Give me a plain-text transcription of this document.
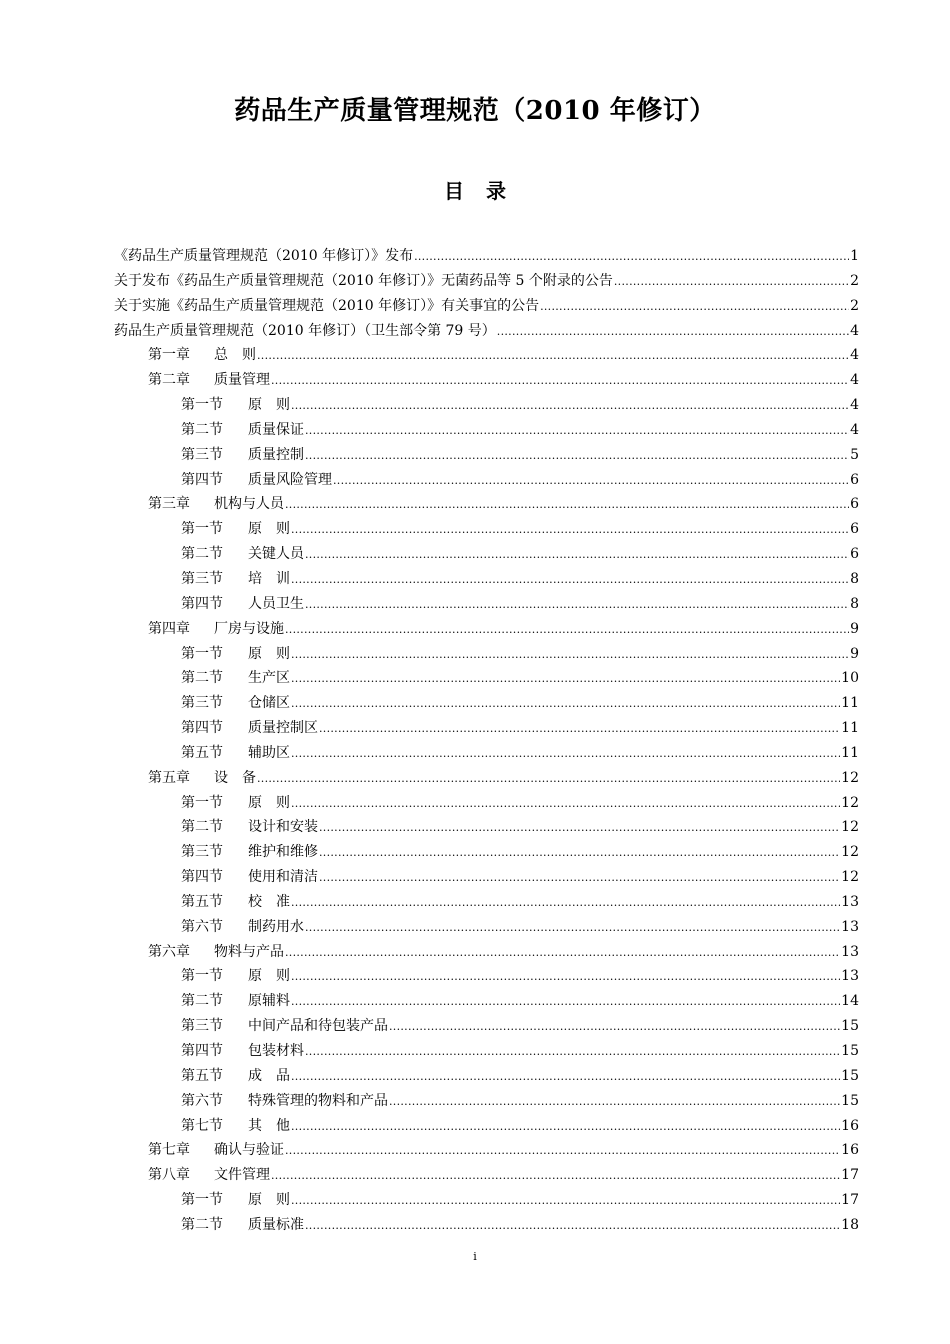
药品生产质量管理规范（2010 年修订）
目 录
《药品生产质量管理规范（2010 年修订）》发布 .....	1
关于发布《药品生产质量管理规范（2010 年修订）》无菌药品等 5 个附录的公告 .....	2
关于实施《药品生产质量管理规范（2010 年修订）》有关事宜的公告 .....	2
药品生产质量管理规范（2010 年修订）（卫生部令第 79 号） .....	4
第一章	总　则 .....	4
第二章	质量管理 .....	4
第一节	原　则 .....	4
第二节	质量保证 .....	4
第三节	质量控制 .....	5
第四节	质量风险管理 .....	6
第三章	机构与人员 .....	6
第一节	原　则 .....	6
第二节	关键人员 .....	6
第三节	培　训 .....	8
第四节	人员卫生 .....	8
第四章	厂房与设施 .....	9
第一节	原　则 .....	9
第二节	生产区 .....	10
第三节	仓储区 .....	11
第四节	质量控制区 .....	11
第五节	辅助区 .....	11
第五章	设　备 .....	12
第一节	原　则 .....	12
第二节	设计和安装 .....	12
第三节	维护和维修 .....	12
第四节	使用和清洁 .....	12
第五节	校　准 .....	13
第六节	制药用水 .....	13
第六章	物料与产品 .....	13
第一节	原　则 .....	13
第二节	原辅料 .....	14
第三节	中间产品和待包装产品 .....	15
第四节	包装材料 .....	15
第五节	成　品 .....	15
第六节	特殊管理的物料和产品 .....	15
第七节	其　他 .....	16
第七章	确认与验证 .....	16
第八章	文件管理 .....	17
第一节	原　则 .....	17
第二节	质量标准 .....	18
i
